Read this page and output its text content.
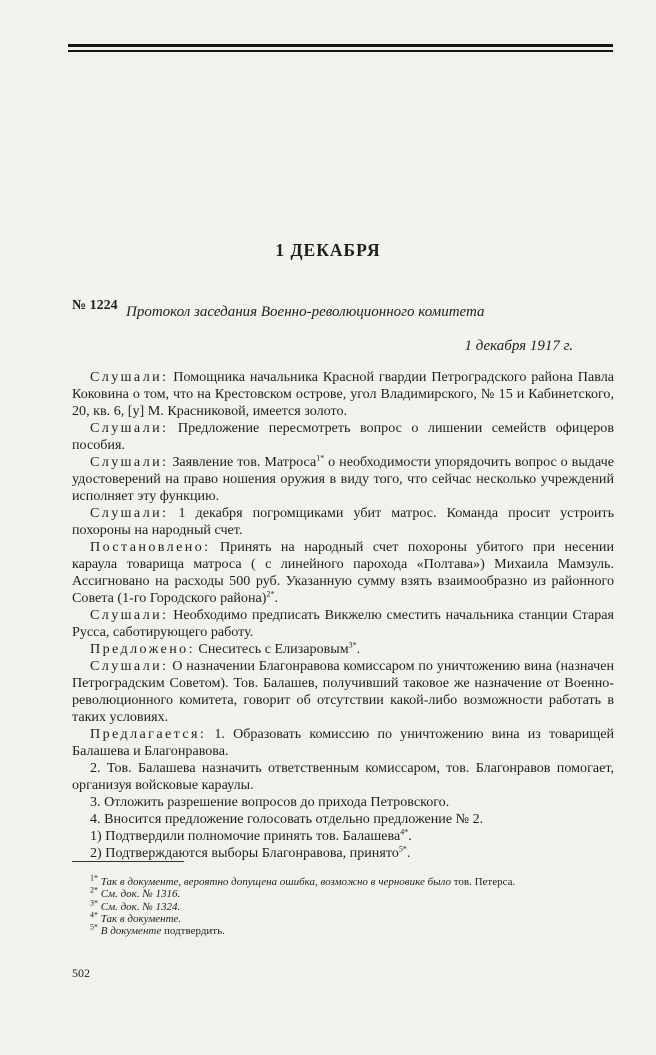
1 ДЕКАБРЯ
№ 1224 Протокол заседания Военно-революционного комитета
1 декабря 1917 г.

Слушали: Помощника начальника Красной гвардии Петроградского района Павла Коковина о том, что на Крестовском острове, угол Владимирского, № 15 и Кабинетского, 20, кв. 6, [у] М. Красниковой, имеется золото.

Слушали: Предложение пересмотреть вопрос о лишении семейств офицеров пособия.

Слушали: Заявление тов. Матроса$^{1*}$ о необходимости упорядочить вопрос о выдаче удостоверений на право ношения оружия в виду того, что сейчас несколько учреждений исполняет эту функцию.

Слушали: 1 декабря погромщиками убит матрос. Команда просит устроить похороны на народный счет.

Постановлено: Принять на народный счет похороны убитого при несении караула товарища матроса ( с линейного парохода «Полтава») Михаила Мамзуль. Ассигновано на расходы 500 руб. Указанную сумму взять взаимообразно из районного Совета (1-го Городского района)$^{2*}$.

Слушали: Необходимо предписать Викжелю сместить начальника станции Старая Русса, саботирующего работу.

Предложено: Снеситесь с Елизаровым$^{3*}$.

Слушали: О назначении Благонравова комиссаром по уничтожению вина (назначен Петроградским Советом). Тов. Балашев, получивший таковое же назначение от Военно-революционного комитета, говорит об отсутствии какой-либо возможности работать в таких условиях.

Предлагается: 1. Образовать комиссию по уничтожению вина из товарищей Балашева и Благонравова.

2. Тов. Балашева назначить ответственным комиссаром, тов. Благонравов помогает, организуя войсковые караулы.

3. Отложить разрешение вопросов до прихода Петровского.

4. Вносится предложение голосовать отдельно предложение № 2.

1) Подтвердили полномочие принять тов. Балашева$^{4*}$.

2) Подтверждаются выборы Благонравова, принято$^{5*}$.

$^{1*}$ Так в документе, вероятно допущена ошибка, возможно в черновике было тов. Петерса.

$^{2*}$ См. док. № 1316.

$^{3*}$ См. док. № 1324.

$^{4*}$ Так в документе.

$^{5*}$ В документе подтвердить.

502
